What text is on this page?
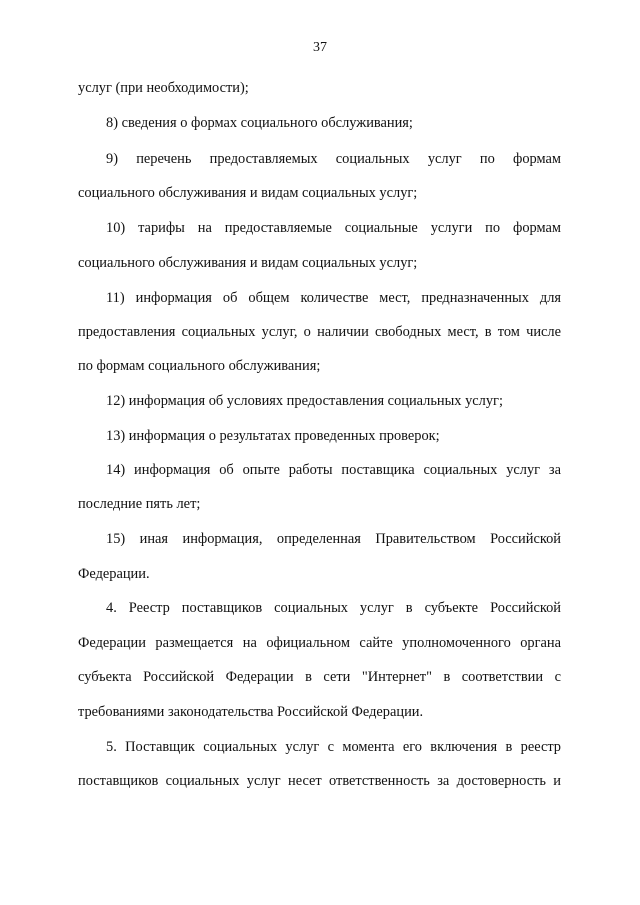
37
услуг (при необходимости);
8) сведения о формах социального обслуживания;
9) перечень предоставляемых социальных услуг по формам
социального обслуживания и видам социальных услуг;
10) тарифы на предоставляемые социальные услуги по формам
социального обслуживания и видам социальных услуг;
11) информация об общем количестве мест, предназначенных для
предоставления социальных услуг, о наличии свободных мест, в том числе
по формам социального обслуживания;
12) информация об условиях предоставления социальных услуг;
13) информация о результатах проведенных проверок;
14) информация об опыте работы поставщика социальных услуг за
последние пять лет;
15) иная информация, определенная Правительством Российской
Федерации.
4. Реестр поставщиков социальных услуг в субъекте Российской
Федерации размещается на официальном сайте уполномоченного органа
субъекта Российской Федерации в сети "Интернет" в соответствии с
требованиями законодательства Российской Федерации.
5. Поставщик социальных услуг с момента его включения в реестр
поставщиков социальных услуг несет ответственность за достоверность и
